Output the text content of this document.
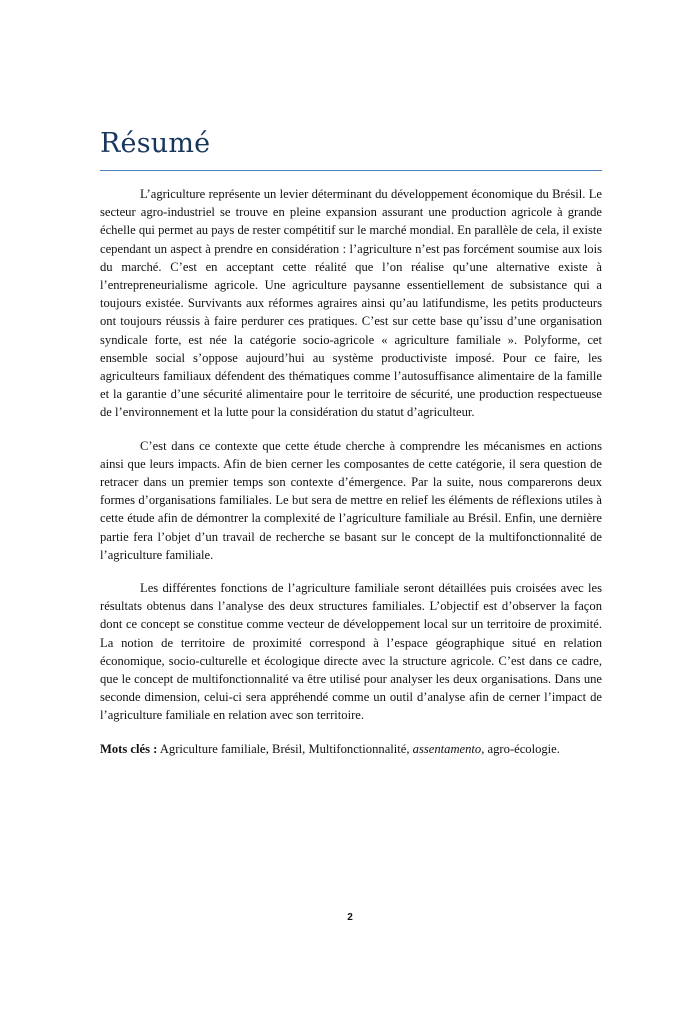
Résumé

L’agriculture représente un levier déterminant du développement économique du Brésil. Le secteur agro-industriel se trouve en pleine expansion assurant une production agricole à grande échelle qui permet au pays de rester compétitif sur le marché mondial. En parallèle de cela, il existe cependant un aspect à prendre en considération : l’agriculture n’est pas forcément soumise aux lois du marché. C’est en acceptant cette réalité que l’on réalise qu’une alternative existe à l’entrepreneurialisme agricole. Une agriculture paysanne essentiellement de subsistance qui a toujours existée. Survivants aux réformes agraires ainsi qu’au latifundisme, les petits producteurs ont toujours réussis à faire perdurer ces pratiques. C’est sur cette base qu’issu d’une organisation syndicale forte, est née la catégorie socio-agricole « agriculture familiale ». Polyforme, cet ensemble social s’oppose aujourd’hui au système productiviste imposé. Pour ce faire, les agriculteurs familiaux défendent des thématiques comme l’autosuffisance alimentaire de la famille et la garantie d’une sécurité alimentaire pour le territoire de sécurité, une production respectueuse de l’environnement et la lutte pour la considération du statut d’agriculteur.

C’est dans ce contexte que cette étude cherche à comprendre les mécanismes en actions ainsi que leurs impacts. Afin de bien cerner les composantes de cette catégorie, il sera question de retracer dans un premier temps son contexte d’émergence. Par la suite, nous comparerons deux formes d’organisations familiales. Le but sera de mettre en relief les éléments de réflexions utiles à cette étude afin de démontrer la complexité de l’agriculture familiale au Brésil. Enfin, une dernière partie fera l’objet d’un travail de recherche se basant sur le concept de la multifonctionnalité de l’agriculture familiale.

Les différentes fonctions de l’agriculture familiale seront détaillées puis croisées avec les résultats obtenus dans l’analyse des deux structures familiales. L’objectif est d’observer la façon dont ce concept se constitue comme vecteur de développement local sur un territoire de proximité. La notion de territoire de proximité correspond à l’espace géographique situé en relation économique, socio-culturelle et écologique directe avec la structure agricole. C’est dans ce cadre, que le concept de multifonctionnalité va être utilisé pour analyser les deux organisations. Dans une seconde dimension, celui-ci sera appréhendé comme un outil d’analyse afin de cerner l’impact de l’agriculture familiale en relation avec son territoire.

Mots clés : Agriculture familiale, Brésil, Multifonctionnalité, assentamento, agro-écologie.

2
